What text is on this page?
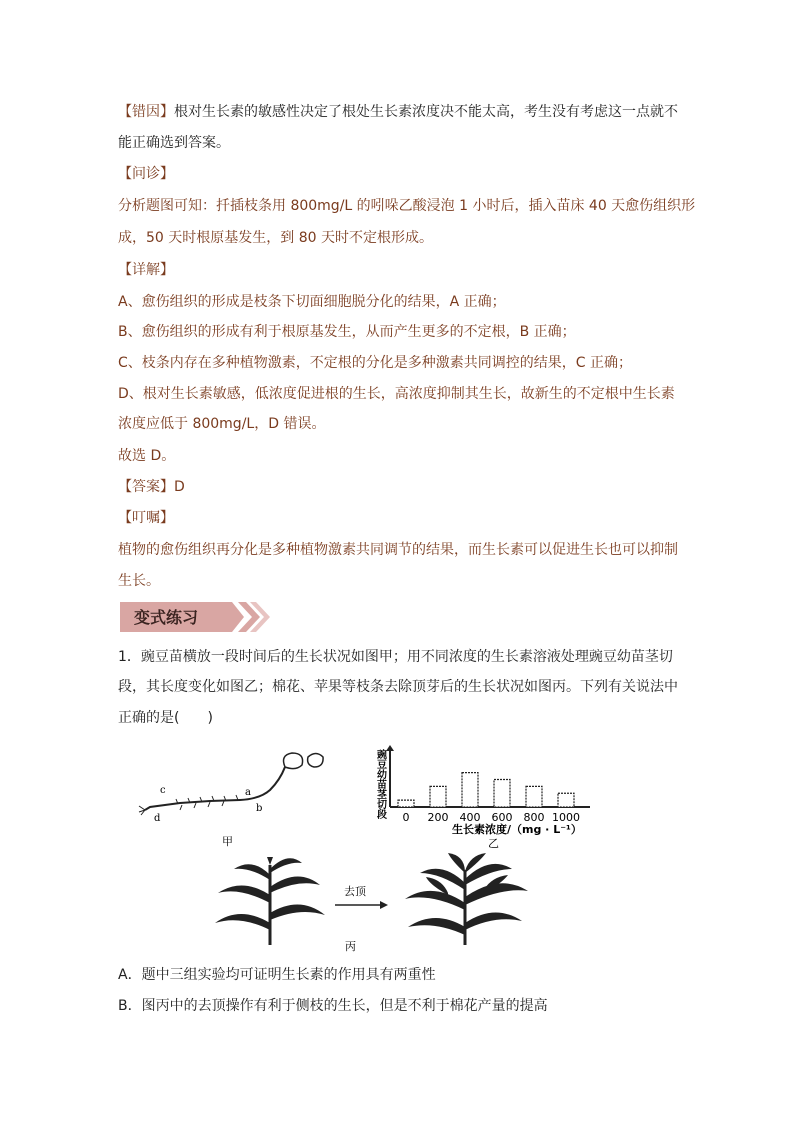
【错因】根对生长素的敏感性决定了根处生长素浓度决不能太高，考生没有考虑这一点就不
能正确选到答案。
【问诊】
分析题图可知：扦插枝条用 800mg/L 的吲哚乙酸浸泡 1 小时后，插入苗床 40 天愈伤组织形
成，50 天时根原基发生，到 80 天时不定根形成。
【详解】
A、愈伤组织的形成是枝条下切面细胞脱分化的结果，A 正确；
B、愈伤组织的形成有利于根原基发生，从而产生更多的不定根，B 正确；
C、枝条内存在多种植物激素，不定根的分化是多种激素共同调控的结果，C 正确；
D、根对生长素敏感，低浓度促进根的生长，高浓度抑制其生长，故新生的不定根中生长素
浓度应低于 800mg/L，D 错误。
故选 D。
【答案】D
【叮嘱】
植物的愈伤组织再分化是多种植物激素共同调节的结果，而生长素可以促进生长也可以抑制
生长。
变式练习
1．豌豆苗横放一段时间后的生长状况如图甲；用不同浓度的生长素溶液处理豌豆幼苗茎切
段，其长度变化如图乙；棉花、苹果等枝条去除顶芽后的生长状况如图丙。下列有关说法中
正确的是(　　)
c
d
a
b
甲
0 200 400 600 800 1000
豌豆幼苗茎切段
生长素浓度/（mg · L⁻¹）
乙
去顶
丙
A．题中三组实验均可证明生长素的作用具有两重性
B．图丙中的去顶操作有利于侧枝的生长，但是不利于棉花产量的提高
